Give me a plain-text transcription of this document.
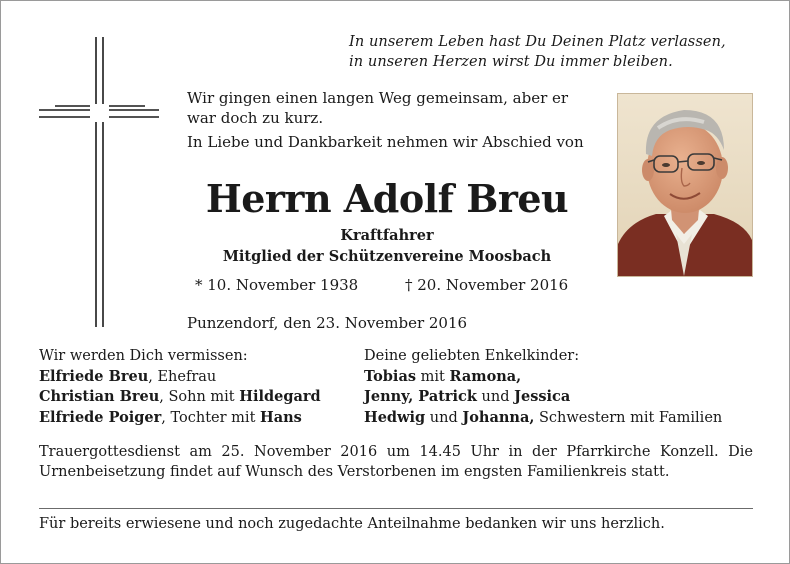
In unserem Leben hast Du Deinen Platz verlassen,
in unseren Herzen wirst Du immer bleiben.

Wir gingen einen langen Weg gemeinsam, aber er war doch zu kurz.

In Liebe und Dankbarkeit nehmen wir Abschied von

Herrn Adolf Breu
Kraftfahrer
Mitglied der Schützenvereine Moosbach
* 10. November 1938	† 20. November 2016
Punzendorf, den 23. November 2016
Wir werden Dich vermissen:
Elfriede Breu, Ehefrau
Christian Breu, Sohn mit Hildegard
Elfriede Poiger, Tochter mit Hans
Deine geliebten Enkelkinder:
Tobias mit Ramona,
Jenny, Patrick und Jessica
Hedwig und Johanna, Schwestern mit Familien

Trauergottesdienst am 25. November 2016 um 14.45 Uhr in der Pfarrkirche Konzell. Die Urnenbeisetzung findet auf Wunsch des Verstorbenen im engsten Familienkreis statt.

Für bereits erwiesene und noch zugedachte Anteilnahme bedanken wir uns herzlich.
